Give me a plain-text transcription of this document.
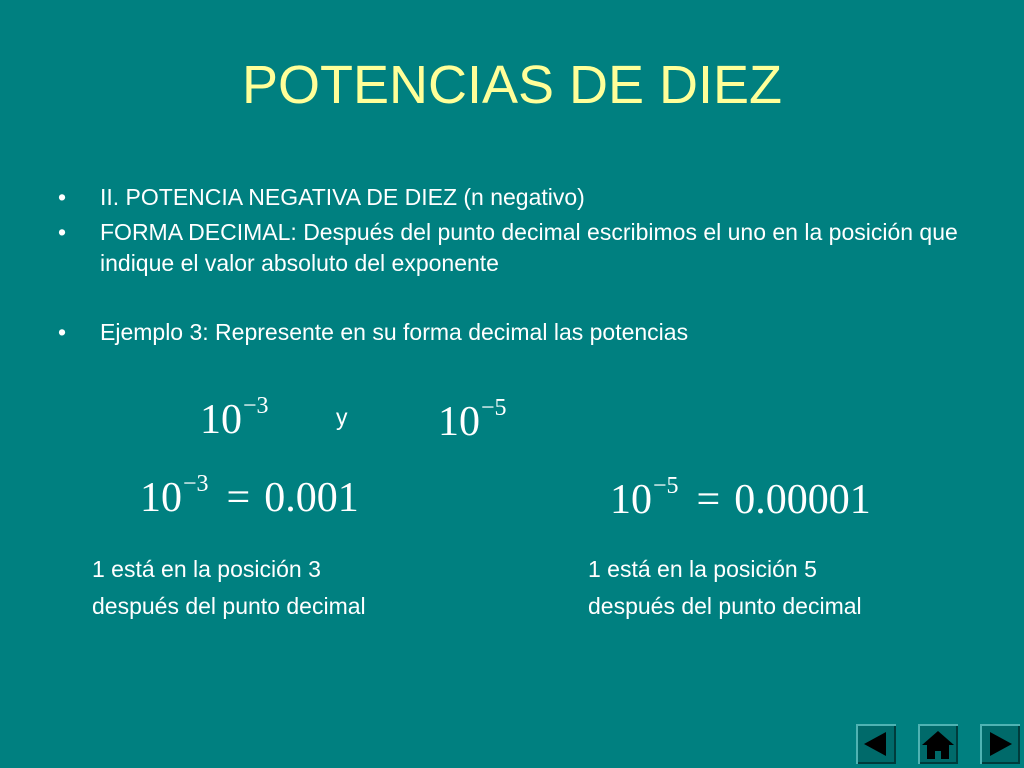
POTENCIAS DE DIEZ
• II. POTENCIA NEGATIVA DE DIEZ (n negativo)
• FORMA DECIMAL: Después del punto decimal escribimos el uno en la posición que indique el valor absoluto del exponente
• Ejemplo 3: Represente en su forma decimal las potencias
10−3	y 10−5
10−3 = 0.001	10−5 = 0.00001
1 está en la posición 3
después del punto decimal
1 está en la posición 5
después del punto decimal
